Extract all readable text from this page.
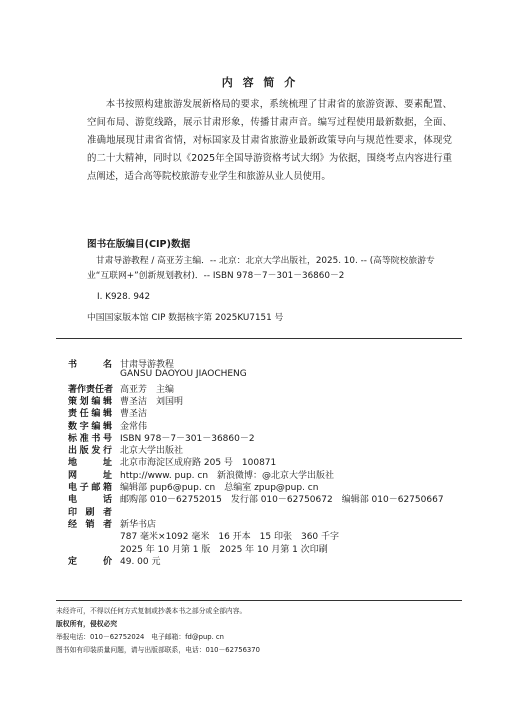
内 容 简 介
本书按照构建旅游发展新格局的要求，系统梳理了甘肃省的旅游资源、要素配置、空间布局、游览线路，展示甘肃形象，传播甘肃声音。编写过程使用最新数据，全面、准确地展现甘肃省省情，对标国家及甘肃省旅游业最新政策导向与规范性要求，体现党的二十大精神，同时以《2025年全国导游资格考试大纲》为依据，围绕考点内容进行重点阐述，适合高等院校旅游专业学生和旅游从业人员使用。
图书在版编目(CIP)数据
甘肃导游教程 / 高亚芳主编．-- 北京：北京大学出版社，2025. 10. -- (高等院校旅游专业“互联网+”创新规划教材)．-- ISBN 978－7－301－36860－2
Ⅰ. K928. 942
中国国家版本馆 CIP 数据核字第 2025KU7151 号
书名 甘肃导游教程
GANSU DAOYOU JIAOCHENG
著作责任者 高亚芳　主编
策划编辑 曹圣洁　刘国明
责任编辑 曹圣洁
数字编辑 金常伟
标准书号 ISBN 978－7－301－36860－2
出版发行 北京大学出版社
地址 北京市海淀区成府路 205 号　100871
网址 http://www. pup. cn　新浪微博：@北京大学出版社
电子邮箱 编辑部 pup6@pup. cn　总编室 zpup@pup. cn
电话 邮购部 010－62752015　发行部 010－62750672　编辑部 010－62750667
印刷者
经销者 新华书店
787 毫米×1092 毫米　16 开本　15 印张　360 千字
2025 年 10 月第 1 版　2025 年 10 月第 1 次印刷
定价 49. 00 元
未经许可，不得以任何方式复制或抄袭本书之部分或全部内容。
版权所有，侵权必究
举报电话：010－62752024　电子邮箱：fd@pup. cn
图书如有印装质量问题，请与出版部联系，电话：010－62756370
